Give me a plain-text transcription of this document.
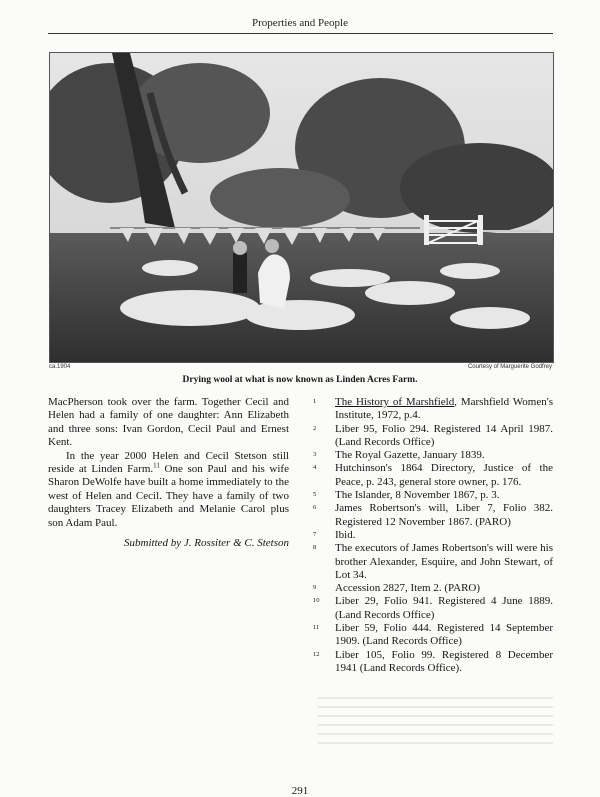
Properties and People
ca.1904	Courtesy of Marguerite Godfrey
Drying wool at what is now known as Linden Acres Farm.

MacPherson took over the farm. Together Cecil and Helen had a family of one daughter: Ann Elizabeth and three sons: Ivan Gordon, Cecil Paul and Ernest Kent.

In the year 2000 Helen and Cecil Stetson still reside at Linden Farm.$^{11}$ One son Paul and his wife Sharon DeWolfe have built a home immediately to the west of Helen and Cecil. They have a family of two daughters Tracey Elizabeth and Melanie Carol plus son Adam Paul.

Submitted by J. Rossiter & C. Stetson

1 The History of Marshfield, Marshfield Women's Institute, 1972, p.4.
2 Liber 95, Folio 294. Registered 14 April 1987. (Land Records Office)
3 The Royal Gazette, January 1839.
4 Hutchinson's 1864 Directory, Justice of the Peace, p. 243, general store owner, p. 176.
5 The Islander, 8 November 1867, p. 3.
6 James Robertson's will, Liber 7, Folio 382. Registered 12 November 1867. (PARO)
7 Ibid.
8 The executors of James Robertson's will were his brother Alexander, Esquire, and John Stewart, of Lot 34.
9 Accession 2827, Item 2. (PARO)
10 Liber 29, Folio 941. Registered 4 June 1889. (Land Records Office)
11 Liber 59, Folio 444. Registered 14 September 1909. (Land Records Office)
12 Liber 105, Folio 99. Registered 8 December 1941 (Land Records Office).
291
